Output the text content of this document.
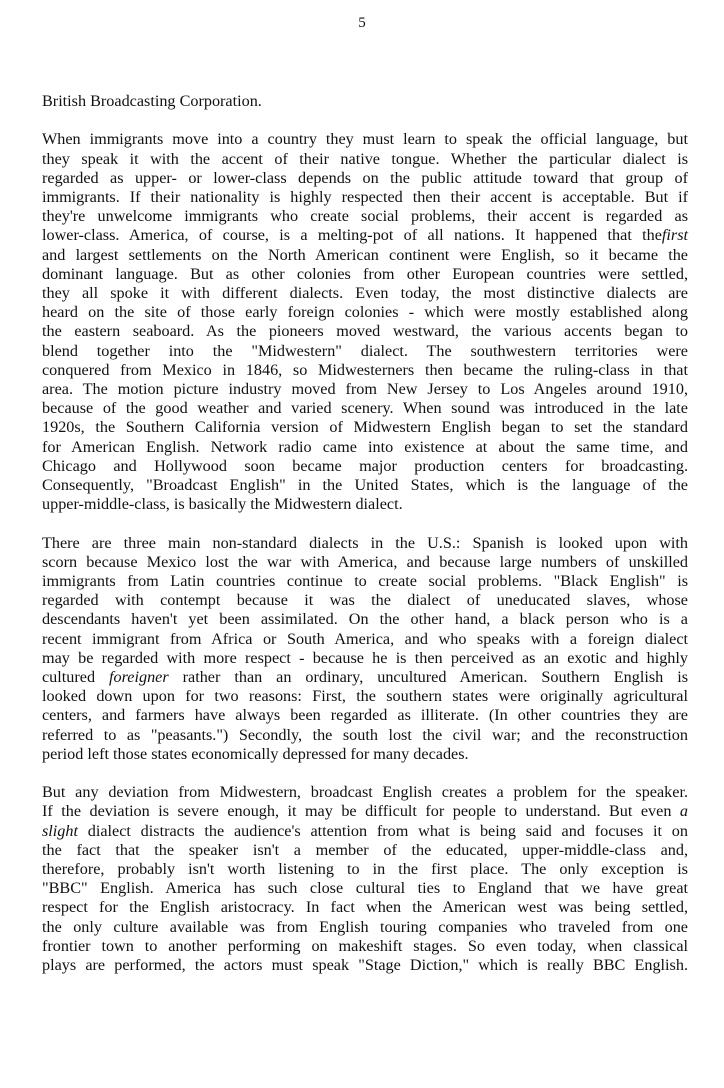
5

British Broadcasting Corporation.

When immigrants move into a country they must learn to speak the official language, but
they speak it with the accent of their native tongue. Whether the particular dialect is
regarded as upper- or lower-class depends on the public attitude toward that group of
immigrants. If their nationality is highly respected then their accent is acceptable. But if
they're unwelcome immigrants who create social problems, their accent is regarded as
lower-class. America, of course, is a melting-pot of all nations. It happened that thefirst
and largest settlements on the North American continent were English, so it became the
dominant language. But as other colonies from other European countries were settled,
they all spoke it with different dialects. Even today, the most distinctive dialects are
heard on the site of those early foreign colonies - which were mostly established along
the eastern seaboard. As the pioneers moved westward, the various accents began to
blend together into the "Midwestern" dialect. The southwestern territories were
conquered from Mexico in 1846, so Midwesterners then became the ruling-class in that
area. The motion picture industry moved from New Jersey to Los Angeles around 1910,
because of the good weather and varied scenery. When sound was introduced in the late
1920s, the Southern California version of Midwestern English began to set the standard
for American English. Network radio came into existence at about the same time, and
Chicago and Hollywood soon became major production centers for broadcasting.
Consequently, "Broadcast English" in the United States, which is the language of the
upper-middle-class, is basically the Midwestern dialect.
There are three main non-standard dialects in the U.S.: Spanish is looked upon with
scorn because Mexico lost the war with America, and because large numbers of unskilled
immigrants from Latin countries continue to create social problems. "Black English" is
regarded with contempt because it was the dialect of uneducated slaves, whose
descendants haven't yet been assimilated. On the other hand, a black person who is a
recent immigrant from Africa or South America, and who speaks with a foreign dialect
may be regarded with more respect - because he is then perceived as an exotic and highly
cultured foreigner rather than an ordinary, uncultured American. Southern English is
looked down upon for two reasons: First, the southern states were originally agricultural
centers, and farmers have always been regarded as illiterate. (In other countries they are
referred to as "peasants.") Secondly, the south lost the civil war; and the reconstruction
period left those states economically depressed for many decades.
But any deviation from Midwestern, broadcast English creates a problem for the speaker.
If the deviation is severe enough, it may be difficult for people to understand. But even a
slight dialect distracts the audience's attention from what is being said and focuses it on
the fact that the speaker isn't a member of the educated, upper-middle-class and,
therefore, probably isn't worth listening to in the first place. The only exception is
"BBC" English. America has such close cultural ties to England that we have great
respect for the English aristocracy. In fact when the American west was being settled,
the only culture available was from English touring companies who traveled from one
frontier town to another performing on makeshift stages. So even today, when classical
plays are performed, the actors must speak "Stage Diction," which is really BBC English.
